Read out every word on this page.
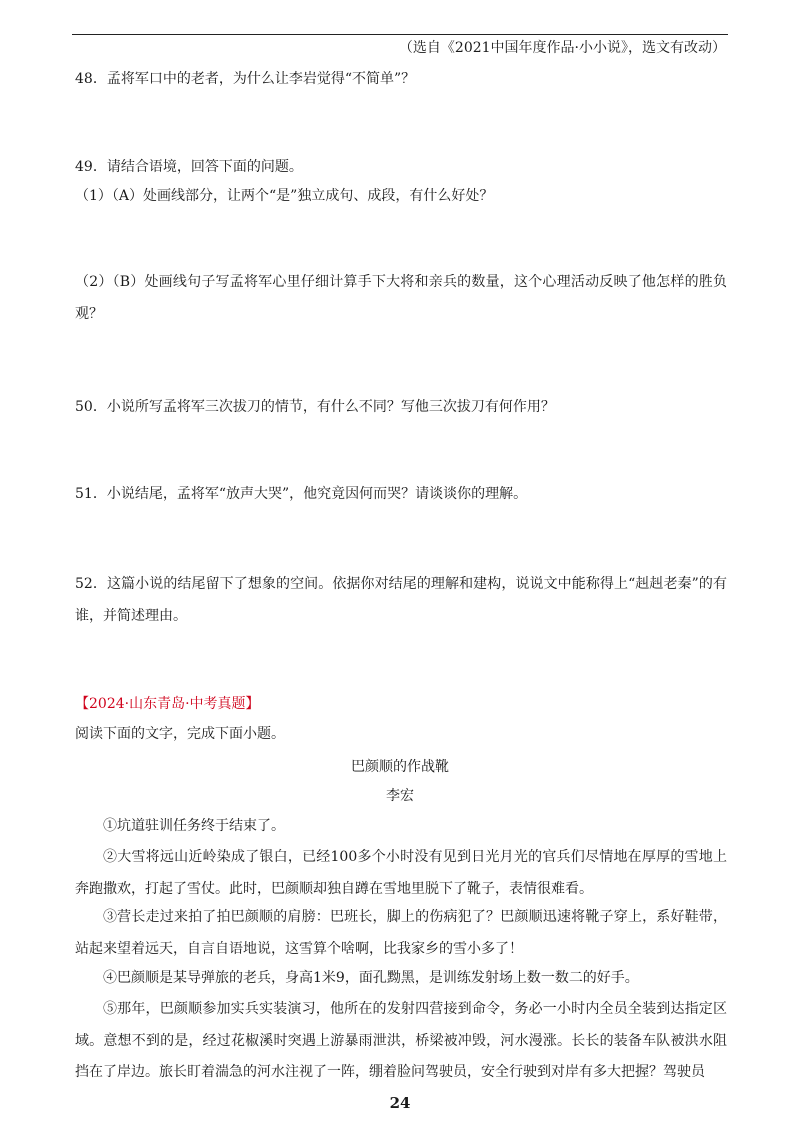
（选自《2021中国年度作品·小小说》，选文有改动）
48．孟将军口中的老者，为什么让李岩觉得“不简单”？
49．请结合语境，回答下面的问题。
（1）（A）处画线部分，让两个“是”独立成句、成段，有什么好处？
（2）（B）处画线句子写孟将军心里仔细计算手下大将和亲兵的数量，这个心理活动反映了他怎样的胜负观？
50．小说所写孟将军三次拔刀的情节，有什么不同？写他三次拔刀有何作用？
51．小说结尾，孟将军“放声大哭”，他究竟因何而哭？请谈谈你的理解。
52．这篇小说的结尾留下了想象的空间。依据你对结尾的理解和建构，说说文中能称得上“赳赳老秦”的有谁，并简述理由。
【2024·山东青岛·中考真题】
阅读下面的文字，完成下面小题。
巴颜顺的作战靴
李宏
①坑道驻训任务终于结束了。
②大雪将远山近岭染成了银白，已经100多个小时没有见到日光月光的官兵们尽情地在厚厚的雪地上奔跑撒欢，打起了雪仗。此时，巴颜顺却独自蹲在雪地里脱下了靴子，表情很难看。
③营长走过来拍了拍巴颜顺的肩膀：巴班长，脚上的伤病犯了？巴颜顺迅速将靴子穿上，系好鞋带，站起来望着远天，自言自语地说，这雪算个啥啊，比我家乡的雪小多了！
④巴颜顺是某导弹旅的老兵，身高1米9，面孔黝黑，是训练发射场上数一数二的好手。
⑤那年，巴颜顺参加实兵实装演习，他所在的发射四营接到命令，务必一小时内全员全装到达指定区域。意想不到的是，经过花椒溪时突遇上游暴雨泄洪，桥梁被冲毁，河水漫涨。长长的装备车队被洪水阻挡在了岸边。旅长盯着湍急的河水注视了一阵，绷着脸问驾驶员，安全行驶到对岸有多大把握？驾驶员
24
